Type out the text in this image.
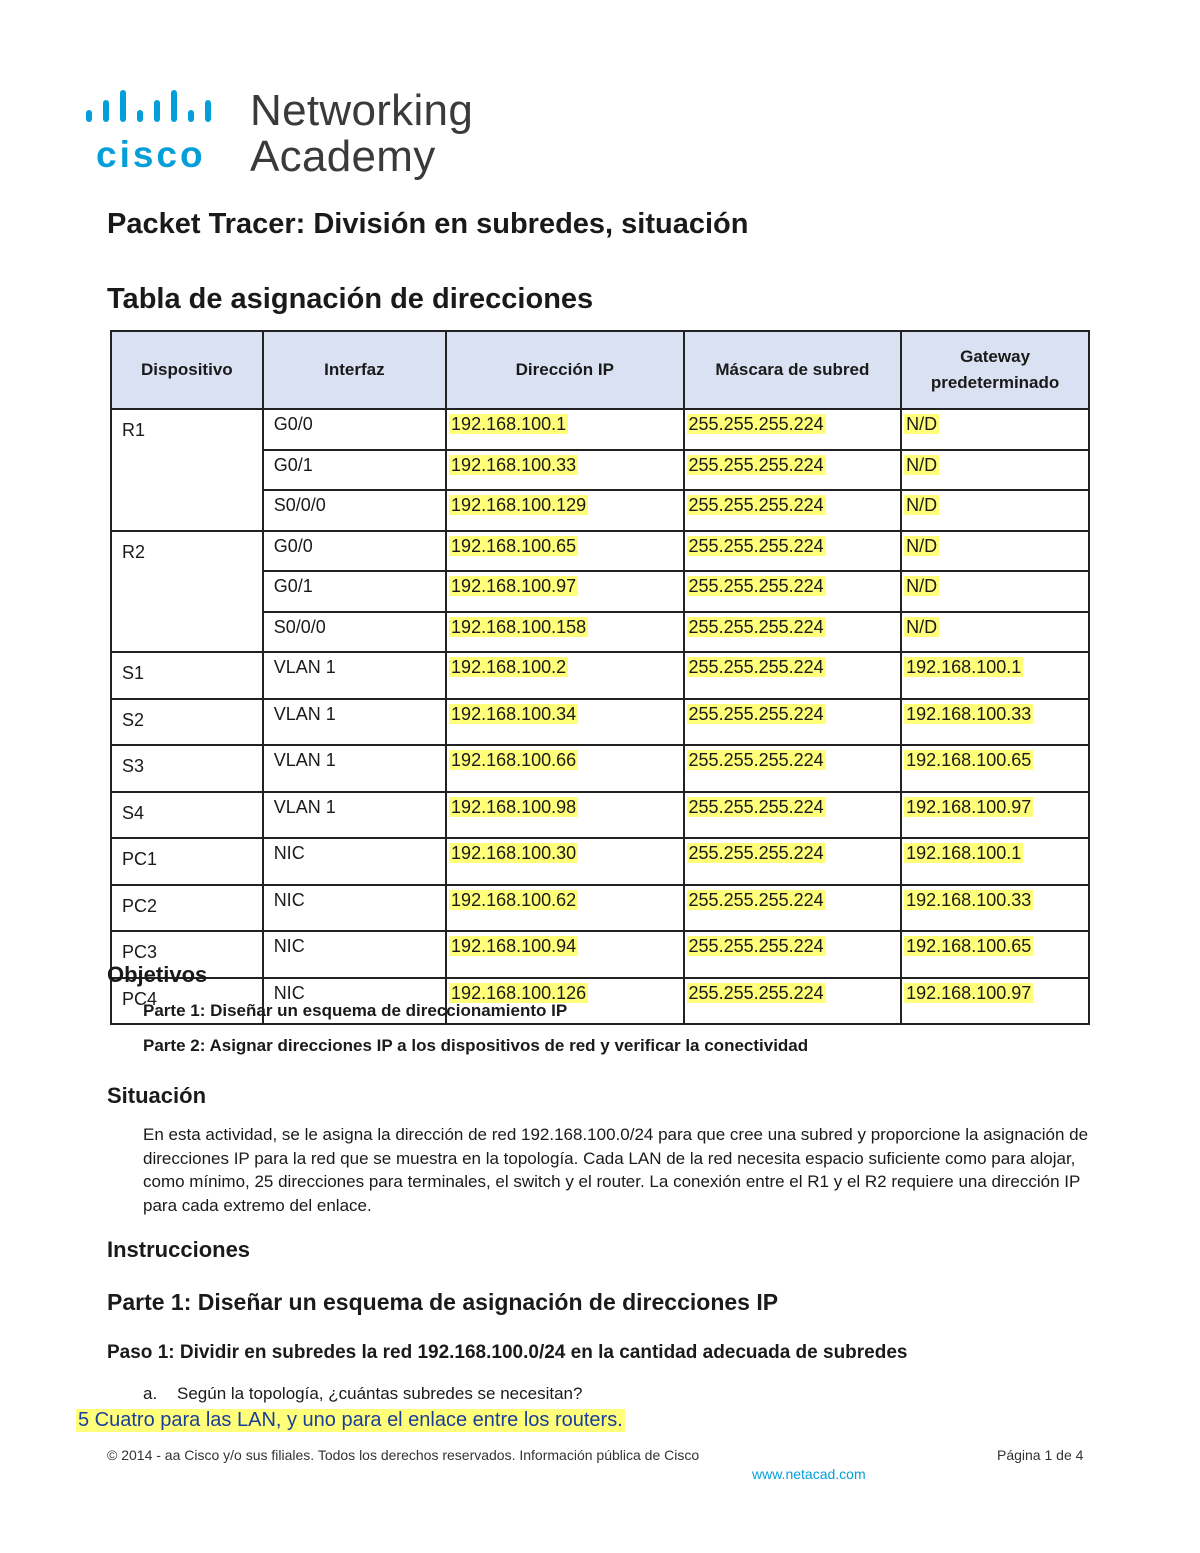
cisco
Networking
Academy
Packet Tracer: División en subredes, situación
Tabla de asignación de direcciones
Dispositivo	Interfaz	Dirección IP	Máscara de subred	Gateway predeterminado
R1	G0/0	192.168.100.1	255.255.255.224	N/D
	G0/1	192.168.100.33	255.255.255.224	N/D
	S0/0/0	192.168.100.129	255.255.255.224	N/D
R2	G0/0	192.168.100.65	255.255.255.224	N/D
	G0/1	192.168.100.97	255.255.255.224	N/D
	S0/0/0	192.168.100.158	255.255.255.224	N/D
S1	VLAN 1	192.168.100.2	255.255.255.224	192.168.100.1
S2	VLAN 1	192.168.100.34	255.255.255.224	192.168.100.33
S3	VLAN 1	192.168.100.66	255.255.255.224	192.168.100.65
S4	VLAN 1	192.168.100.98	255.255.255.224	192.168.100.97
PC1	NIC	192.168.100.30	255.255.255.224	192.168.100.1
PC2	NIC	192.168.100.62	255.255.255.224	192.168.100.33
PC3	NIC	192.168.100.94	255.255.255.224	192.168.100.65
PC4	NIC	192.168.100.126	255.255.255.224	192.168.100.97
Objetivos
Parte 1: Diseñar un esquema de direccionamiento IP
Parte 2: Asignar direcciones IP a los dispositivos de red y verificar la conectividad
Situación
En esta actividad, se le asigna la dirección de red 192.168.100.0/24 para que cree una subred y proporcione la asignación de direcciones IP para la red que se muestra en la topología. Cada LAN de la red necesita espacio suficiente como para alojar, como mínimo, 25 direcciones para terminales, el switch y el router. La conexión entre el R1 y el R2 requiere una dirección IP para cada extremo del enlace.
Instrucciones
Parte 1: Diseñar un esquema de asignación de direcciones IP
Paso 1: Dividir en subredes la red 192.168.100.0/24 en la cantidad adecuada de subredes
a. Según la topología, ¿cuántas subredes se necesitan?
5 Cuatro para las LAN, y uno para el enlace entre los routers.
© 2014 - aa Cisco y/o sus filiales. Todos los derechos reservados. Información pública de Cisco	Página 1 de 4
www.netacad.com
